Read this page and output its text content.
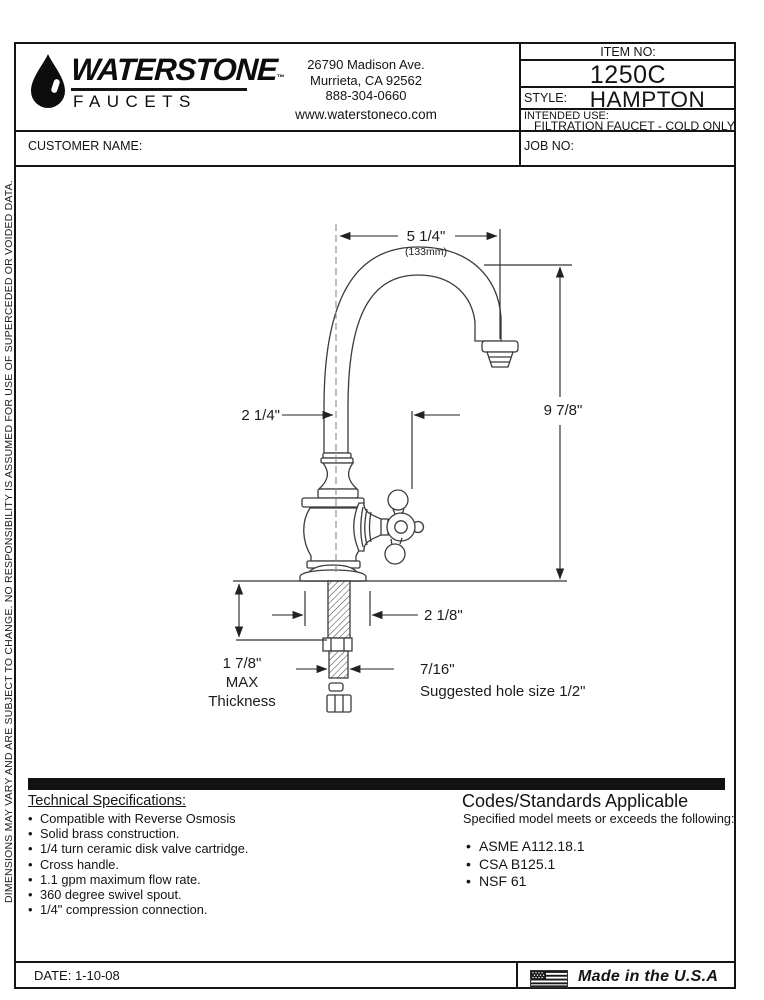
DIMENSIONS MAY VARY AND ARE SUBJECT TO CHANGE. NO RESPONSIBILITY IS ASSUMED FOR USE OF SUPERCEDED OR VOIDED DATA.
WATERSTONE™
FAUCETS
26790 Madison Ave.
Murrieta, CA 92562
888-304-0660
www.waterstoneco.com
ITEM NO:
1250C
STYLE:	HAMPTON
INTENDED USE:
FILTRATION FAUCET - COLD ONLY
CUSTOMER NAME:	JOB NO:
5 1/4"
(133mm)
9 7/8"
2 1/4"
2 1/8"
7/16"
Suggested hole size 1/2"
1 7/8"
MAX
Thickness
Technical Specifications:
• Compatible with Reverse Osmosis
• Solid brass construction.
• 1/4 turn ceramic disk valve cartridge.
• Cross handle.
• 1.1 gpm maximum flow rate.
• 360 degree swivel spout.
• 1/4" compression connection.
Codes/Standards Applicable
Specified model meets or exceeds the following:
• ASME A112.18.1
• CSA B125.1
• NSF 61
DATE: 1-10-08	Made in the U.S.A
